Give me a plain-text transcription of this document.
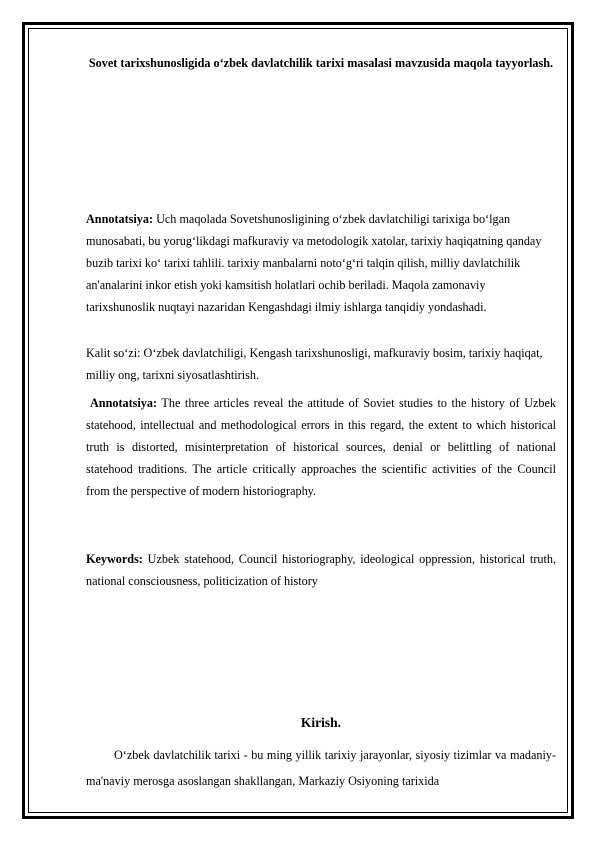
Sovet tarixshunosligida o‘zbek davlatchilik tarixi masalasi mavzusida maqola tayyorlash.
Annotatsiya: Uch maqolada Sovetshunosligining o‘zbek davlatchiligi tarixiga bo‘lgan munosabati, bu yorug‘likdagi mafkuraviy va metodologik xatolar, tarixiy haqiqatning qanday buzib tarixi ko‘ tarixi tahlili. tarixiy manbalarni noto‘g‘ri talqin qilish, milliy davlatchilik an'analarini inkor etish yoki kamsitish holatlari ochib beriladi. Maqola zamonaviy tarixshunoslik nuqtayi nazaridan Kengashdagi ilmiy ishlarga tanqidiy yondashadi.
Kalit so‘zi: O‘zbek davlatchiligi, Kengash tarixshunosligi, mafkuraviy bosim, tarixiy haqiqat, milliy ong, tarixni siyosatlashtirish.
Annotatsiya: The three articles reveal the attitude of Soviet studies to the history of Uzbek statehood, intellectual and methodological errors in this regard, the extent to which historical truth is distorted, misinterpretation of historical sources, denial or belittling of national statehood traditions. The article critically approaches the scientific activities of the Council from the perspective of modern historiography.
Keywords: Uzbek statehood, Council historiography, ideological oppression, historical truth, national consciousness, politicization of history
Kirish.
O‘zbek davlatchilik tarixi - bu ming yillik tarixiy jarayonlar, siyosiy tizimlar va madaniy-ma'naviy merosga asoslangan shakllangan, Markaziy Osiyoning tarixida
